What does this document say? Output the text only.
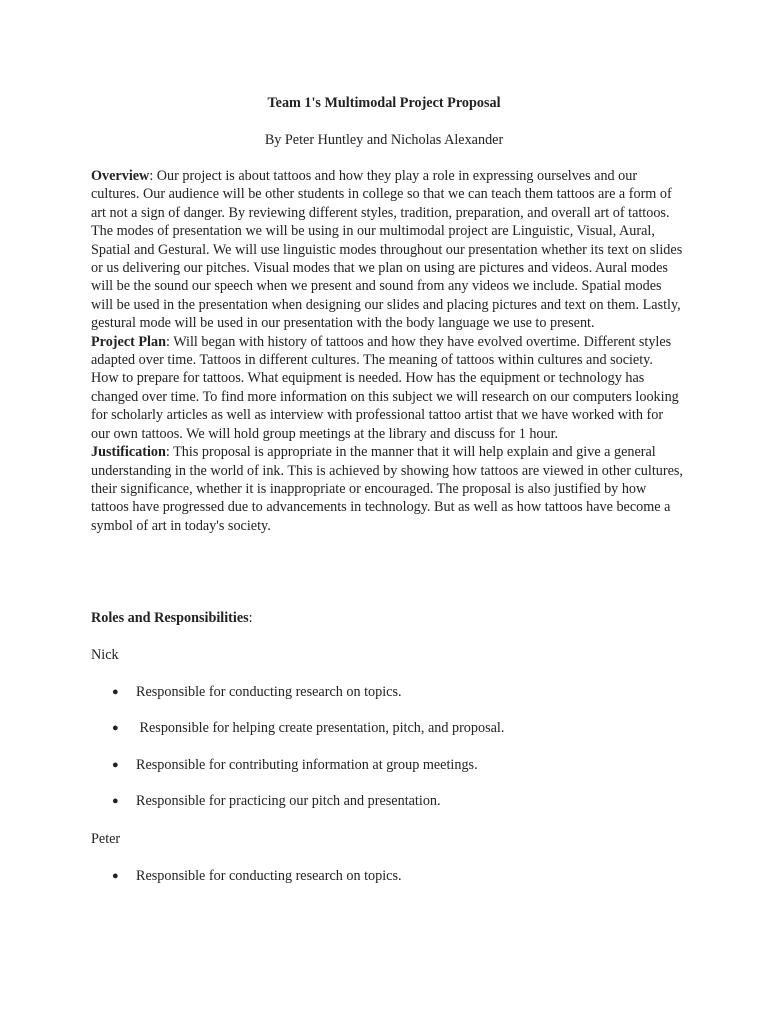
Team 1's Multimodal Project Proposal
By Peter Huntley and Nicholas Alexander

Overview: Our project is about tattoos and how they play a role in expressing ourselves and our cultures. Our audience will be other students in college so that we can teach them tattoos are a form of art not a sign of danger. By reviewing different styles, tradition, preparation, and overall art of tattoos. The modes of presentation we will be using in our multimodal project are Linguistic, Visual, Aural, Spatial and Gestural. We will use linguistic modes throughout our presentation whether its text on slides or us delivering our pitches. Visual modes that we plan on using are pictures and videos. Aural modes will be the sound our speech when we present and sound from any videos we include. Spatial modes will be used in the presentation when designing our slides and placing pictures and text on them. Lastly, gestural mode will be used in our presentation with the body language we use to present.

Project Plan: Will began with history of tattoos and how they have evolved overtime. Different styles adapted over time. Tattoos in different cultures. The meaning of tattoos within cultures and society. How to prepare for tattoos. What equipment is needed. How has the equipment or technology has changed over time. To find more information on this subject we will research on our computers looking for scholarly articles as well as interview with professional tattoo artist that we have worked with for our own tattoos. We will hold group meetings at the library and discuss for 1 hour.

Justification: This proposal is appropriate in the manner that it will help explain and give a general understanding in the world of ink. This is achieved by showing how tattoos are viewed in other cultures, their significance, whether it is inappropriate or encouraged. The proposal is also justified by how tattoos have progressed due to advancements in technology. But as well as how tattoos have become a symbol of art in today's society.

Roles and Responsibilities:
Nick
● Responsible for conducting research on topics.
● Responsible for helping create presentation, pitch, and proposal.
● Responsible for contributing information at group meetings.
● Responsible for practicing our pitch and presentation.
Peter
● Responsible for conducting research on topics.
